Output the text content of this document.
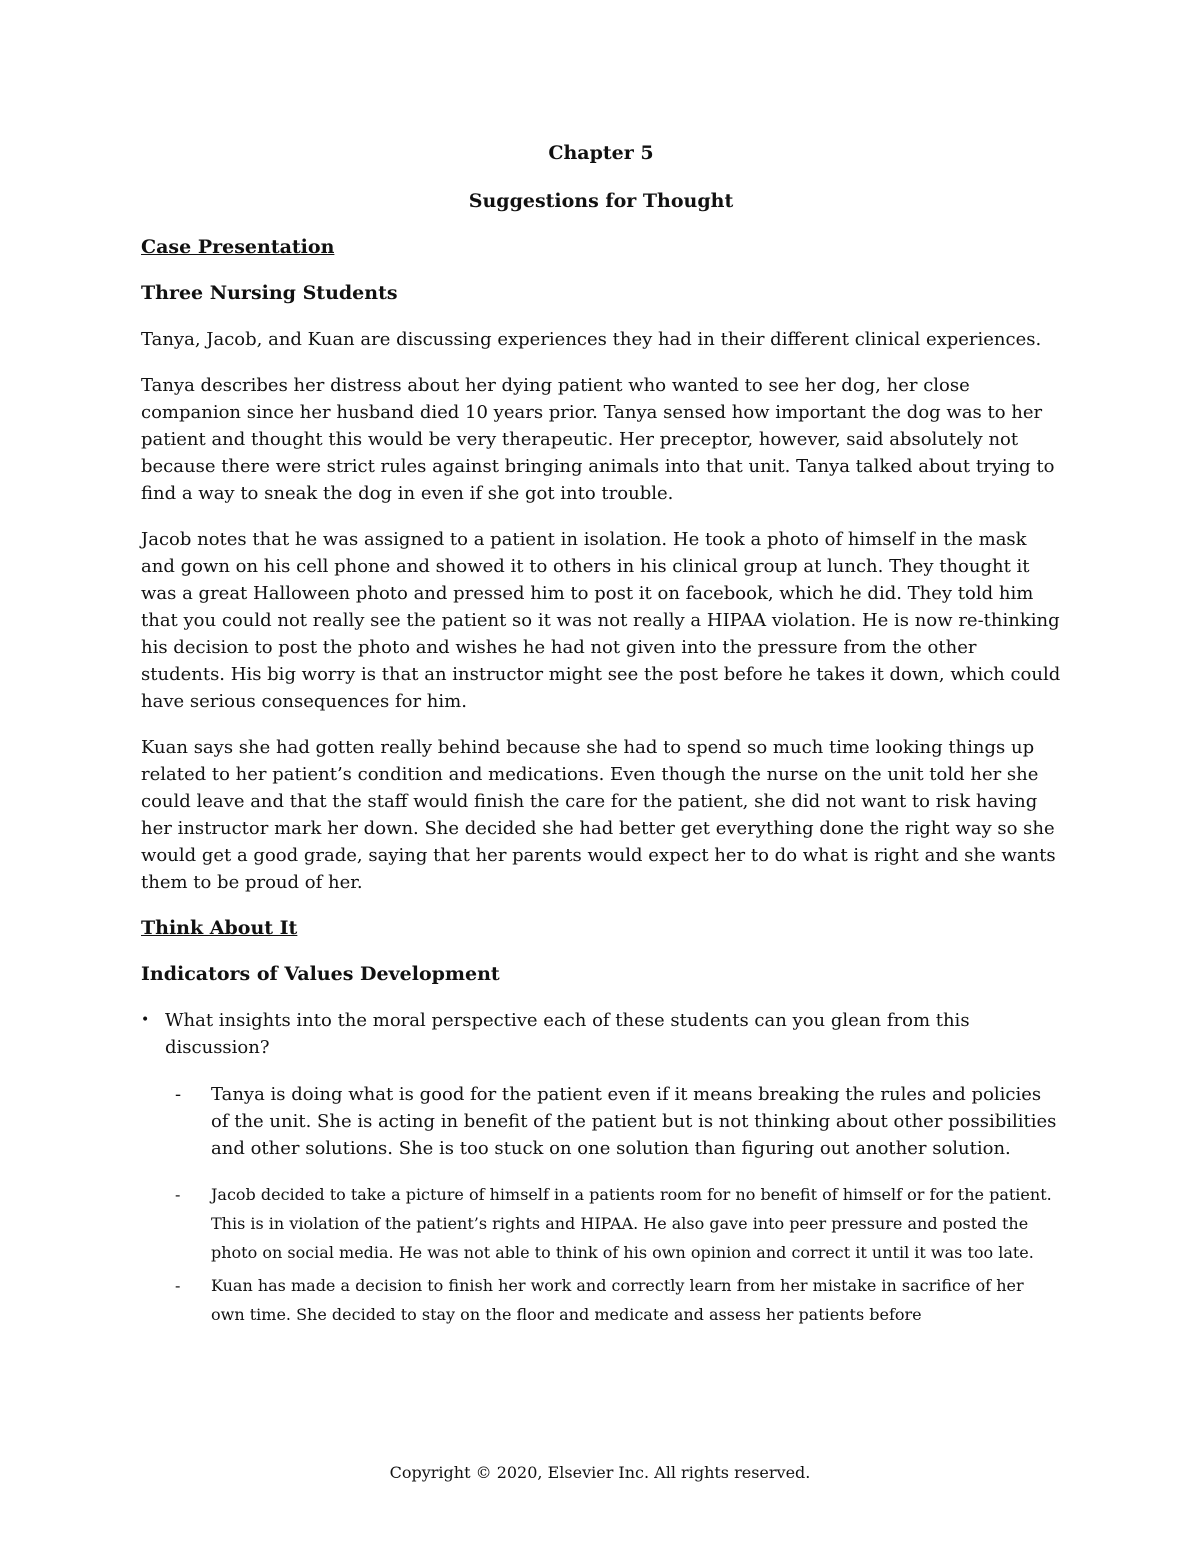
Chapter 5

Suggestions for Thought

Case Presentation

Three Nursing Students

Tanya, Jacob, and Kuan are discussing experiences they had in their different clinical experiences.

Tanya describes her distress about her dying patient who wanted to see her dog, her close companion since her husband died 10 years prior. Tanya sensed how important the dog was to her patient and thought this would be very therapeutic. Her preceptor, however, said absolutely not because there were strict rules against bringing animals into that unit. Tanya talked about trying to find a way to sneak the dog in even if she got into trouble.

Jacob notes that he was assigned to a patient in isolation. He took a photo of himself in the mask and gown on his cell phone and showed it to others in his clinical group at lunch. They thought it was a great Halloween photo and pressed him to post it on facebook, which he did. They told him that you could not really see the patient so it was not really a HIPAA violation. He is now re-thinking his decision to post the photo and wishes he had not given into the pressure from the other students. His big worry is that an instructor might see the post before he takes it down, which could have serious consequences for him.

Kuan says she had gotten really behind because she had to spend so much time looking things up related to her patient’s condition and medications. Even though the nurse on the unit told her she could leave and that the staff would finish the care for the patient, she did not want to risk having her instructor mark her down. She decided she had better get everything done the right way so she would get a good grade, saying that her parents would expect her to do what is right and she wants them to be proud of her.

Think About It

Indicators of Values Development

• What insights into the moral perspective each of these students can you glean from this discussion?
-	Tanya is doing what is good for the patient even if it means breaking the rules and policies of the unit. She is acting in benefit of the patient but is not thinking about other possibilities and other solutions. She is too stuck on one solution than figuring out another solution.
-	Jacob decided to take a picture of himself in a patients room for no benefit of himself or for the patient. This is in violation of the patient’s rights and HIPAA. He also gave into peer pressure and posted the photo on social media. He was not able to think of his own opinion and correct it until it was too late.
-	Kuan has made a decision to finish her work and correctly learn from her mistake in sacrifice of her own time. She decided to stay on the floor and medicate and assess her patients before
Copyright © 2020, Elsevier Inc. All rights reserved.
